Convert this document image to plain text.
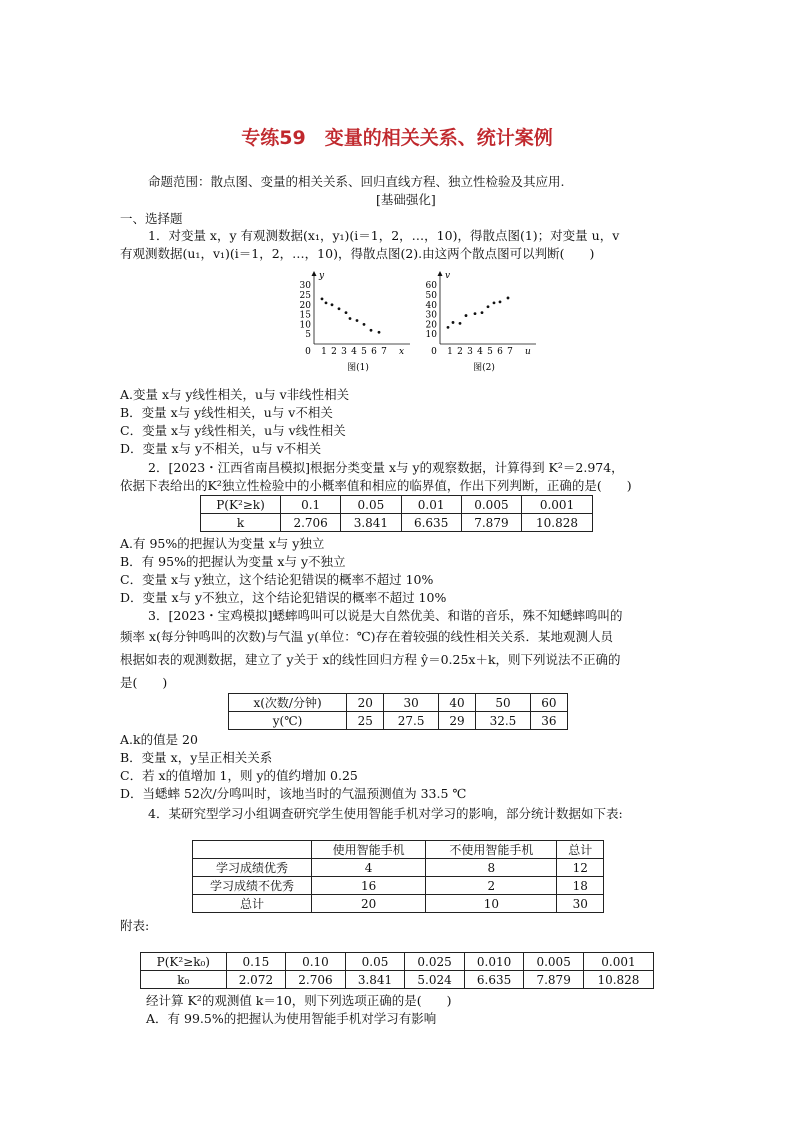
专练59　变量的相关关系、统计案例
命题范围：散点图、变量的相关关系、回归直线方程、独立性检验及其应用.
[基础强化]
一、选择题
1．对变量 x，y 有观测数据(x₁，y₁)(i＝1，2，…，10)，得散点图(1)；对变量 u，v
有观测数据(u₁，v₁)(i＝1，2，…，10)，得散点图(2).由这两个散点图可以判断(　　)
y
x
30
25
20
15
10
5
0 1 2 3 4 5 6 7
图(1)
v
u
60
50
40
30
20
10
0 1 2 3 4 5 6 7
图(2)
A.变量 x与 y线性相关，u与 v非线性相关
B．变量 x与 y线性相关，u与 v不相关
C．变量 x与 y线性相关，u与 v线性相关
D．变量 x与 y不相关，u与 v不相关
2．[2023・江西省南昌模拟]根据分类变量 x与 y的观察数据，计算得到 K²＝2.974，
依据下表给出的K²独立性检验中的小概率值和相应的临界值，作出下列判断，正确的是(　　)
P(K²≥k)	0.1	0.05	0.01	0.005	0.001
k	2.706	3.841	6.635	7.879	10.828
A.有 95%的把握认为变量 x与 y独立
B．有 95%的把握认为变量 x与 y不独立
C．变量 x与 y独立，这个结论犯错误的概率不超过 10%
D．变量 x与 y不独立，这个结论犯错误的概率不超过 10%
3．[2023・宝鸡模拟]蟋蟀鸣叫可以说是大自然优美、和谐的音乐，殊不知蟋蟀鸣叫的
频率 x(每分钟鸣叫的次数)与气温 y(单位：℃)存在着较强的线性相关关系．某地观测人员
根据如表的观测数据，建立了 y关于 x的线性回归方程 ŷ＝0.25x＋k，则下列说法不正确的
是(　　)
x(次数/分钟)	20	30	40	50	60
y(℃)	25	27.5	29	32.5	36
A.k的值是 20
B．变量 x，y呈正相关关系
C．若 x的值增加 1，则 y的值约增加 0.25
D．当蟋蟀 52次/分鸣叫时，该地当时的气温预测值为 33.5 ℃
4．某研究型学习小组调查研究学生使用智能手机对学习的影响，部分统计数据如下表:
	使用智能手机	不使用智能手机	总计
学习成绩优秀	4	8	12
学习成绩不优秀	16	2	18
总计	20	10	30
附表:
P(K²≥k₀)	0.15	0.10	0.05	0.025	0.010	0.005	0.001
k₀	2.072	2.706	3.841	5.024	6.635	7.879	10.828
经计算 K²的观测值 k＝10，则下列选项正确的是(　　)
A．有 99.5%的把握认为使用智能手机对学习有影响
